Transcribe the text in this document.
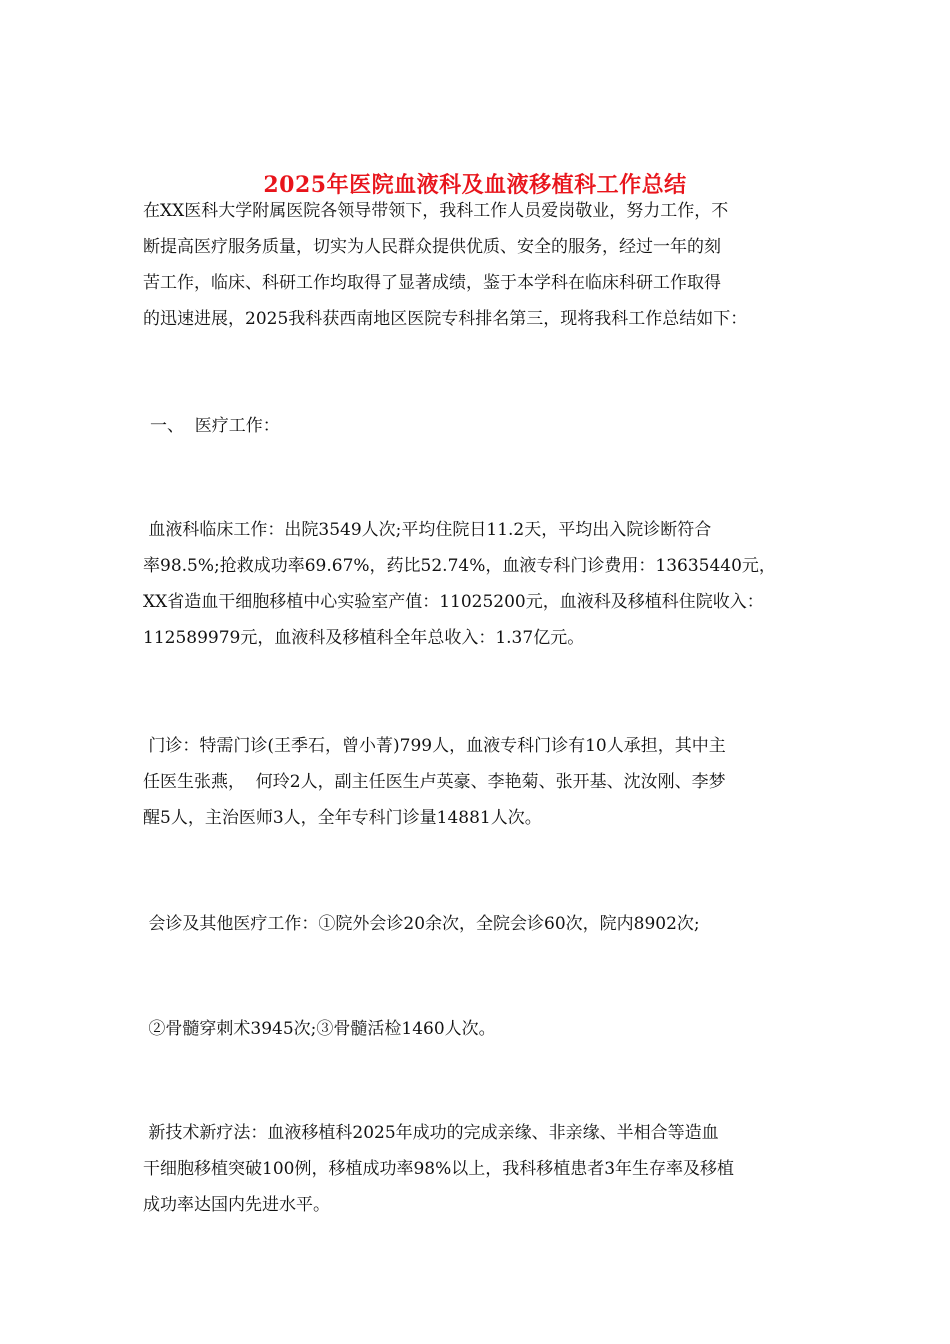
2025年医院血液科及血液移植科工作总结

在XX医科大学附属医院各领导带领下，我科工作人员爱岗敬业，努力工作，不
断提高医疗服务质量，切实为人民群众提供优质、安全的服务，经过一年的刻
苦工作，临床、科研工作均取得了显著成绩，鉴于本学科在临床科研工作取得
的迅速进展，2025我科获西南地区医院专科排名第三，现将我科工作总结如下：

一、  医疗工作：

血液科临床工作：出院3549人次;平均住院日11.2天，平均出入院诊断符合
率98.5%;抢救成功率69.67%，药比52.74%，血液专科门诊费用：13635440元，
XX省造血干细胞移植中心实验室产值：11025200元，血液科及移植科住院收入：
112589979元，血液科及移植科全年总收入：1.37亿元。

门诊：特需门诊(王季石，曾小菁)799人，血液专科门诊有10人承担，其中主
任医生张燕，  何玲2人，副主任医生卢英豪、李艳菊、张开基、沈汝刚、李梦
醒5人，主治医师3人，全年专科门诊量14881人次。

会诊及其他医疗工作：①院外会诊20余次，全院会诊60次，院内8902次;

②骨髓穿刺术3945次;③骨髓活检1460人次。

新技术新疗法：血液移植科2025年成功的完成亲缘、非亲缘、半相合等造血
干细胞移植突破100例，移植成功率98%以上，我科移植患者3年生存率及移植
成功率达国内先进水平。
